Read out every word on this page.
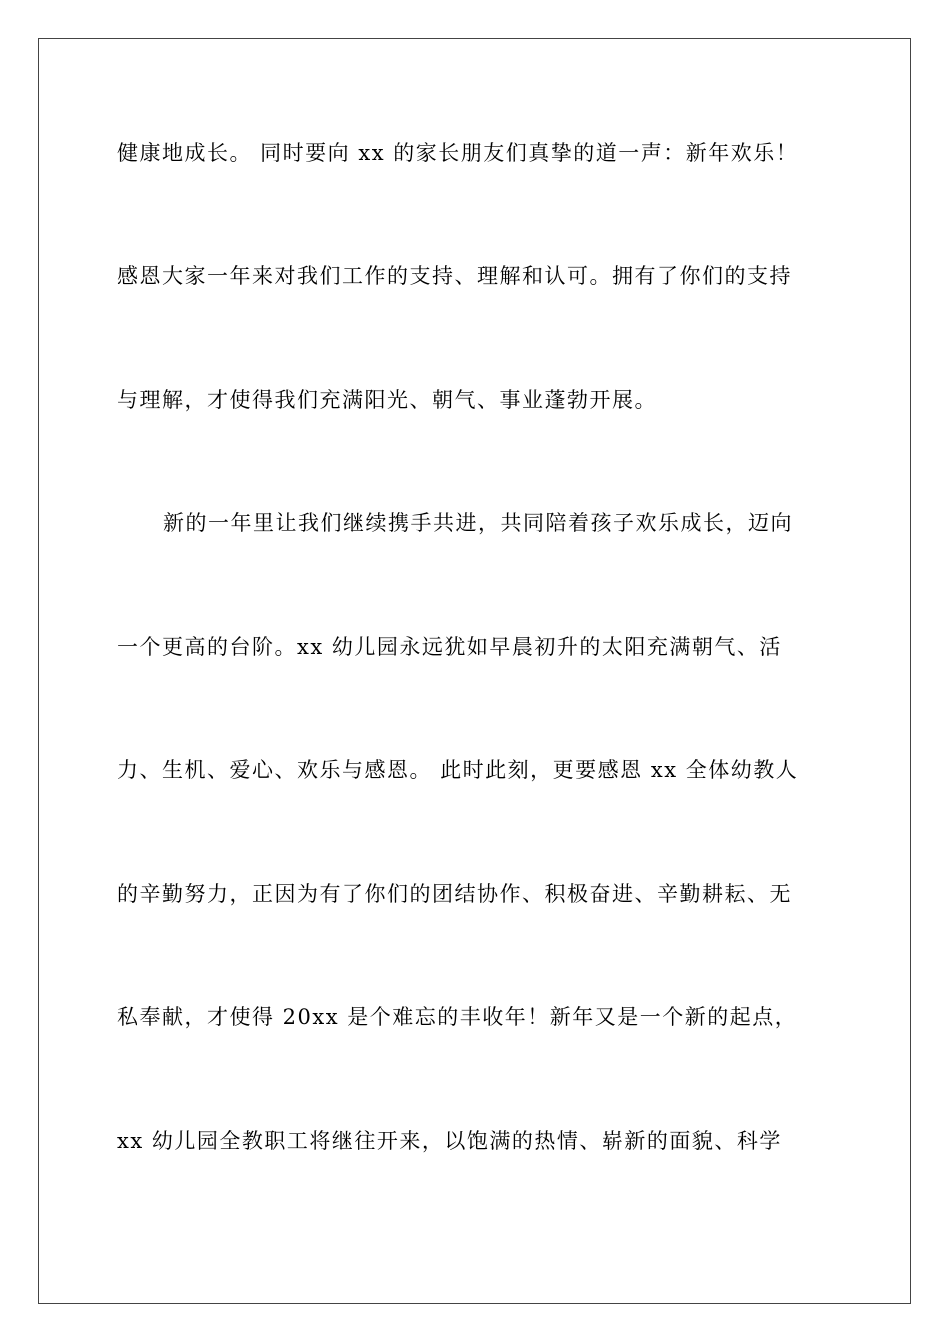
健康地成长。 同时要向 xx 的家长朋友们真挚的道一声：新年欢乐！
感恩大家一年来对我们工作的支持、理解和认可。拥有了你们的支持
与理解，才使得我们充满阳光、朝气、事业蓬勃开展。
新的一年里让我们继续携手共进，共同陪着孩子欢乐成长，迈向
一个更高的台阶。xx 幼儿园永远犹如早晨初升的太阳充满朝气、活
力、生机、爱心、欢乐与感恩。 此时此刻，更要感恩 xx 全体幼教人
的辛勤努力，正因为有了你们的团结协作、积极奋进、辛勤耕耘、无
私奉献，才使得 20xx 是个难忘的丰收年！新年又是一个新的起点，
xx 幼儿园全教职工将继往开来，以饱满的热情、崭新的面貌、科学
